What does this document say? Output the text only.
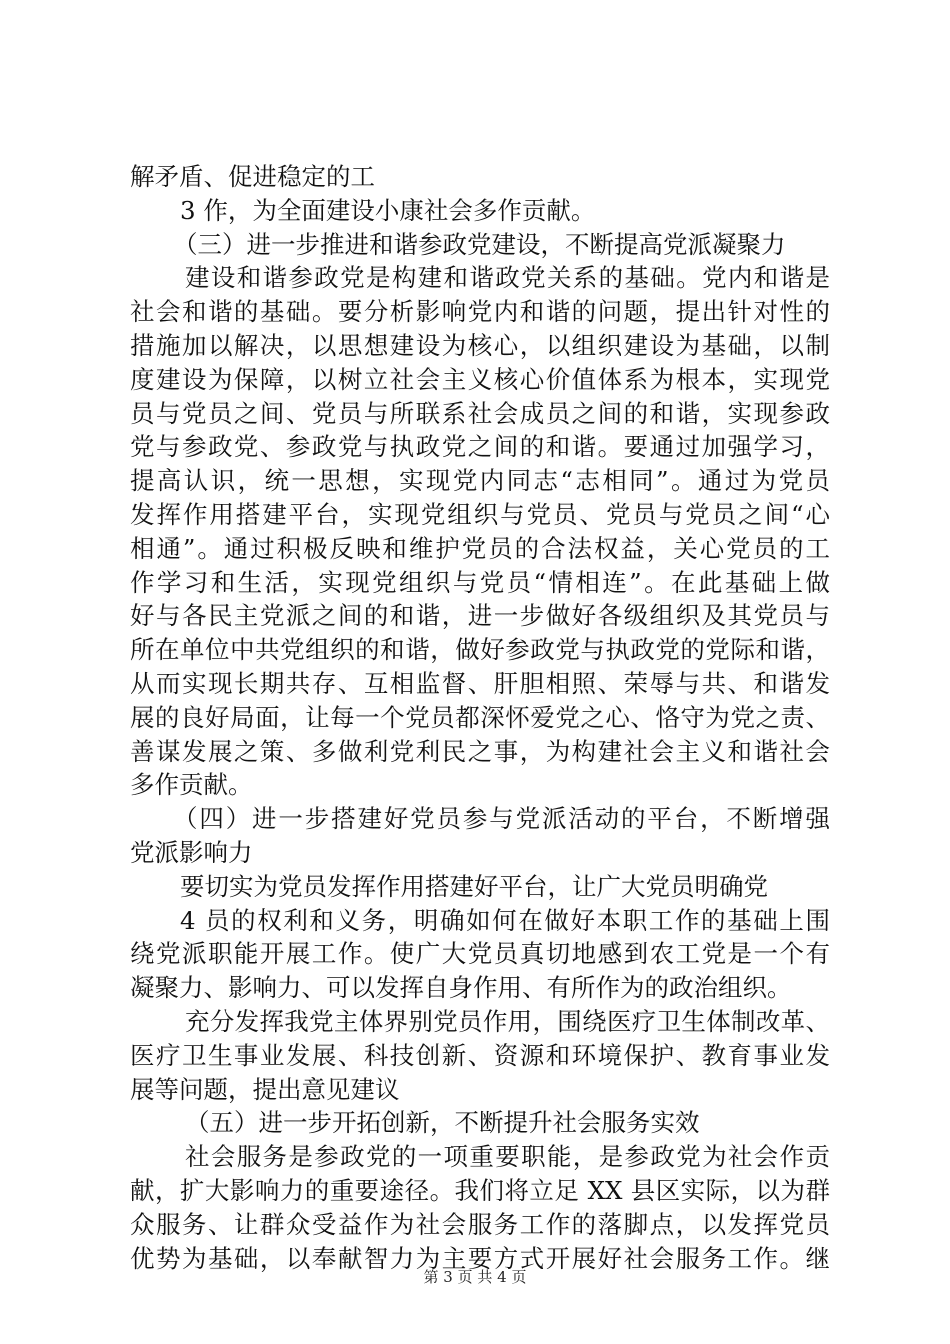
解矛盾、促进稳定的工
3 作，为全面建设小康社会多作贡献。
（三）进一步推进和谐参政党建设，不断提高党派凝聚力
建设和谐参政党是构建和谐政党关系的基础。党内和谐是
社会和谐的基础。要分析影响党内和谐的问题，提出针对性的
措施加以解决，以思想建设为核心，以组织建设为基础，以制
度建设为保障，以树立社会主义核心价值体系为根本，实现党
员与党员之间、党员与所联系社会成员之间的和谐，实现参政
党与参政党、参政党与执政党之间的和谐。要通过加强学习，
提高认识，统一思想，实现党内同志“志相同”。通过为党员
发挥作用搭建平台，实现党组织与党员、党员与党员之间“心
相通”。通过积极反映和维护党员的合法权益，关心党员的工
作学习和生活，实现党组织与党员“情相连”。在此基础上做
好与各民主党派之间的和谐，进一步做好各级组织及其党员与
所在单位中共党组织的和谐，做好参政党与执政党的党际和谐，
从而实现长期共存、互相监督、肝胆相照、荣辱与共、和谐发
展的良好局面，让每一个党员都深怀爱党之心、恪守为党之责、
善谋发展之策、多做利党利民之事，为构建社会主义和谐社会
多作贡献。
（四）进一步搭建好党员参与党派活动的平台，不断增强
党派影响力
要切实为党员发挥作用搭建好平台，让广大党员明确党
4 员的权利和义务，明确如何在做好本职工作的基础上围
绕党派职能开展工作。使广大党员真切地感到农工党是一个有
凝聚力、影响力、可以发挥自身作用、有所作为的政治组织。
充分发挥我党主体界别党员作用，围绕医疗卫生体制改革、
医疗卫生事业发展、科技创新、资源和环境保护、教育事业发
展等问题，提出意见建议
（五）进一步开拓创新，不断提升社会服务实效
社会服务是参政党的一项重要职能，是参政党为社会作贡
献，扩大影响力的重要途径。我们将立足 XX 县区实际，以为群
众服务、让群众受益作为社会服务工作的落脚点，以发挥党员
优势为基础，以奉献智力为主要方式开展好社会服务工作。继
第 3 页 共 4 页
